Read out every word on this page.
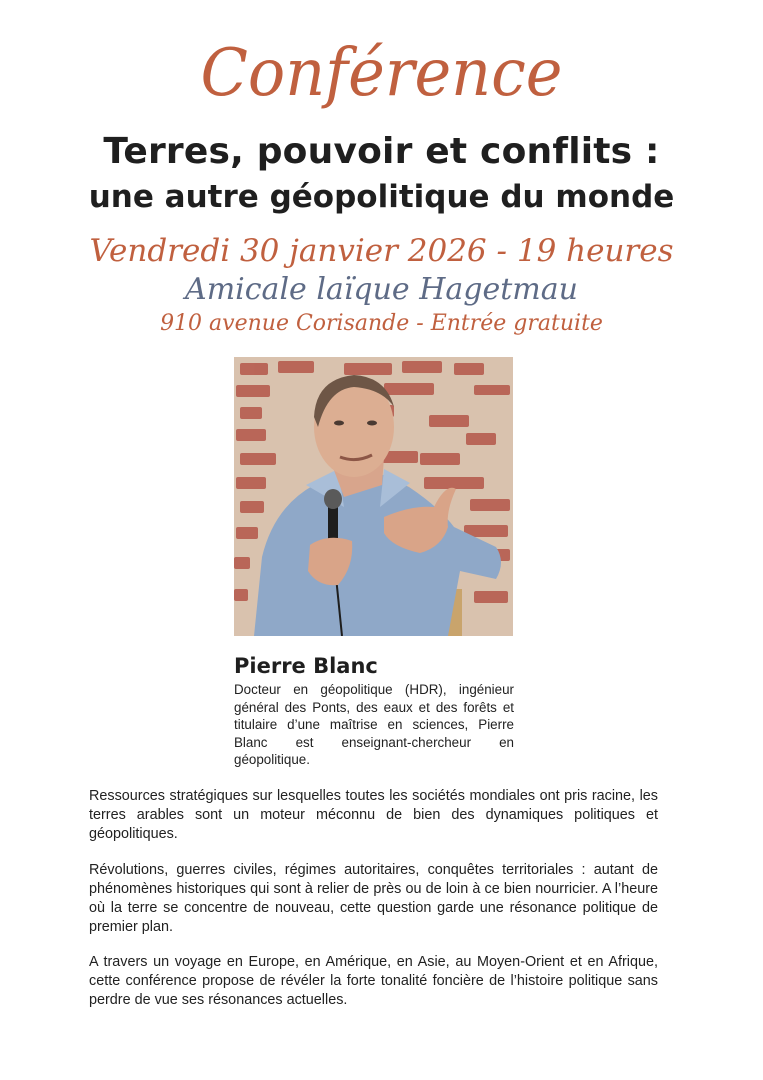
Conférence
Terres, pouvoir et conflits :
une autre géopolitique du monde
Vendredi 30 janvier 2026 - 19 heures
Amicale laïque Hagetmau
910 avenue Corisande - Entrée gratuite
Pierre Blanc
Docteur en géopolitique (HDR), ingénieur général des Ponts, des eaux et des forêts et titulaire d’une maîtrise en sciences, Pierre Blanc est enseignant-chercheur en géopolitique.

Ressources stratégiques sur lesquelles toutes les sociétés mondiales ont pris racine, les terres arables sont un moteur méconnu de bien des dynamiques politiques et géopolitiques.

Révolutions, guerres civiles, régimes autoritaires, conquêtes territoriales : autant de phénomènes historiques qui sont à relier de près ou de loin à ce bien nourricier. A l’heure où la terre se concentre de nouveau, cette question garde une résonance politique de premier plan.

A travers un voyage en Europe, en Amérique, en Asie, au Moyen-Orient et en Afrique, cette conférence propose de révéler la forte tonalité foncière de l’histoire politique sans perdre de vue ses résonances actuelles.
